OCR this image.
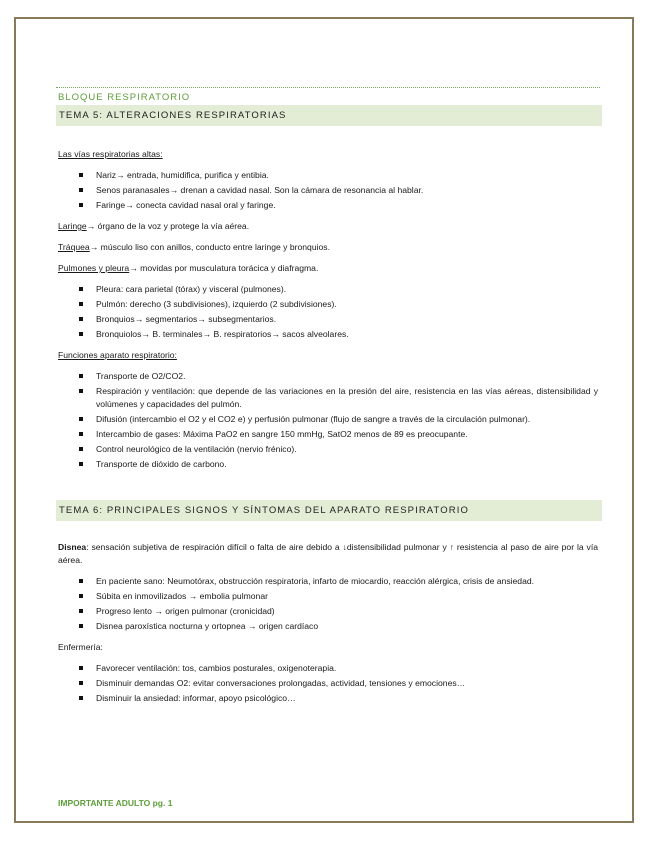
BLOQUE RESPIRATORIO
TEMA 5: ALTERACIONES RESPIRATORIAS

Las vías respiratorias altas:

Nariz→ entrada, humidifica, purifica y entibia.
Senos paranasales→ drenan a cavidad nasal. Son la cámara de resonancia al hablar.
Faringe→ conecta cavidad nasal oral y faringe.

Laringe→ órgano de la voz y protege la vía aérea.

Tráquea→ músculo liso con anillos, conducto entre laringe y bronquios.

Pulmones y pleura→ movidas por musculatura torácica y diafragma.

Pleura: cara parietal (tórax) y visceral (pulmones).
Pulmón: derecho (3 subdivisiones), izquierdo (2 subdivisiones).
Bronquios→ segmentarios→ subsegmentarios.
Bronquiolos→ B. terminales→ B. respiratorios→ sacos alveolares.

Funciones aparato respiratorio:

Transporte de O2/CO2.
Respiración y ventilación: que depende de las variaciones en la presión del aire, resistencia en las vías aéreas, distensibilidad y volúmenes y capacidades del pulmón.
Difusión (intercambio el O2 y el CO2 e) y perfusión pulmonar (flujo de sangre a través de la circulación pulmonar).
Intercambio de gases: Máxima PaO2 en sangre 150 mmHg, SatO2 menos de 89 es preocupante.
Control neurológico de la ventilación (nervio frénico).
Transporte de dióxido de carbono.
TEMA 6: PRINCIPALES SIGNOS Y SÍNTOMAS DEL APARATO RESPIRATORIO

Disnea: sensación subjetiva de respiración difícil o falta de aire debido a ↓distensibilidad pulmonar y ↑ resistencia al paso de aire por la vía aérea.

En paciente sano: Neumotórax, obstrucción respiratoria, infarto de miocardio, reacción alérgica, crisis de ansiedad.
Súbita en inmovilizados → embolia pulmonar
Progreso lento → origen pulmonar (cronicidad)
Disnea paroxística nocturna y ortopnea → origen cardíaco

Enfermería:

Favorecer ventilación: tos, cambios posturales, oxigenoterapia.
Disminuir demandas O2: evitar conversaciones prolongadas, actividad, tensiones y emociones…
Disminuir la ansiedad: informar, apoyo psicológico…
IMPORTANTE ADULTO pg. 1
